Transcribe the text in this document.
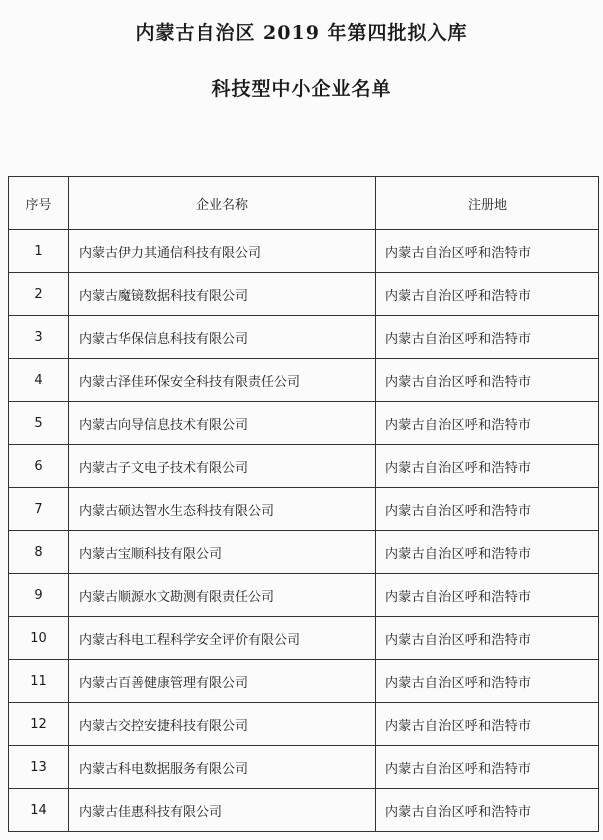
内蒙古自治区 2019 年第四批拟入库
科技型中小企业名单
序号	企业名称	注册地
1	内蒙古伊力其通信科技有限公司	内蒙古自治区呼和浩特市
2	内蒙古魔镜数据科技有限公司	内蒙古自治区呼和浩特市
3	内蒙古华保信息科技有限公司	内蒙古自治区呼和浩特市
4	内蒙古泽佳环保安全科技有限责任公司	内蒙古自治区呼和浩特市
5	内蒙古向导信息技术有限公司	内蒙古自治区呼和浩特市
6	内蒙古子文电子技术有限公司	内蒙古自治区呼和浩特市
7	内蒙古硕达智水生态科技有限公司	内蒙古自治区呼和浩特市
8	内蒙古宝顺科技有限公司	内蒙古自治区呼和浩特市
9	内蒙古顺源水文勘测有限责任公司	内蒙古自治区呼和浩特市
10	内蒙古科电工程科学安全评价有限公司	内蒙古自治区呼和浩特市
11	内蒙古百善健康管理有限公司	内蒙古自治区呼和浩特市
12	内蒙古交控安捷科技有限公司	内蒙古自治区呼和浩特市
13	内蒙古科电数据服务有限公司	内蒙古自治区呼和浩特市
14	内蒙古佳惠科技有限公司	内蒙古自治区呼和浩特市
